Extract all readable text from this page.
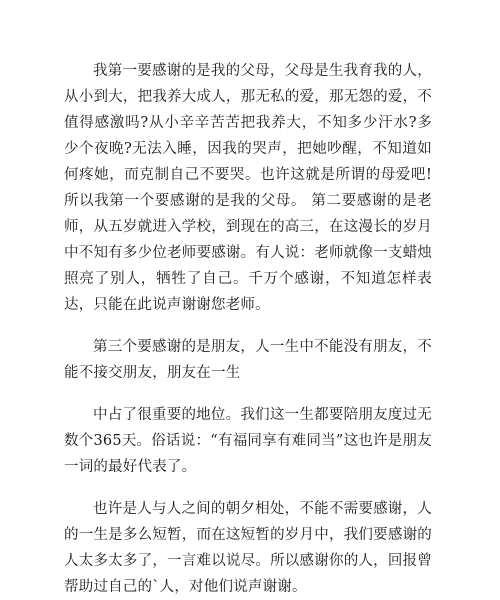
我第一要感谢的是我的父母，父母是生我育我的人，从小到大，把我养大成人，那无私的爱，那无怨的爱，不值得感激吗?从小辛辛苦苦把我养大，不知多少汗水?多少个夜晚?无法入睡，因我的哭声，把她吵醒，不知道如何疼她，而克制自己不要哭。也许这就是所谓的母爱吧!所以我第一个要感谢的是我的父母。 第二要感谢的是老师，从五岁就进入学校，到现在的高三，在这漫长的岁月中不知有多少位老师要感谢。有人说：老师就像一支蜡烛照亮了别人，牺牲了自己。千万个感谢，不知道怎样表达，只能在此说声谢谢您老师。

第三个要感谢的是朋友，人一生中不能没有朋友，不能不接交朋友，朋友在一生

中占了很重要的地位。我们这一生都要陪朋友度过无数个365天。俗话说：“有福同享有难同当”这也许是朋友一词的最好代表了。

也许是人与人之间的朝夕相处，不能不需要感谢，人的一生是多么短暂，而在这短暂的岁月中，我们要感谢的人太多太多了，一言难以说尽。所以感谢你的人，回报曾帮助过自己的`人，对他们说声谢谢。
